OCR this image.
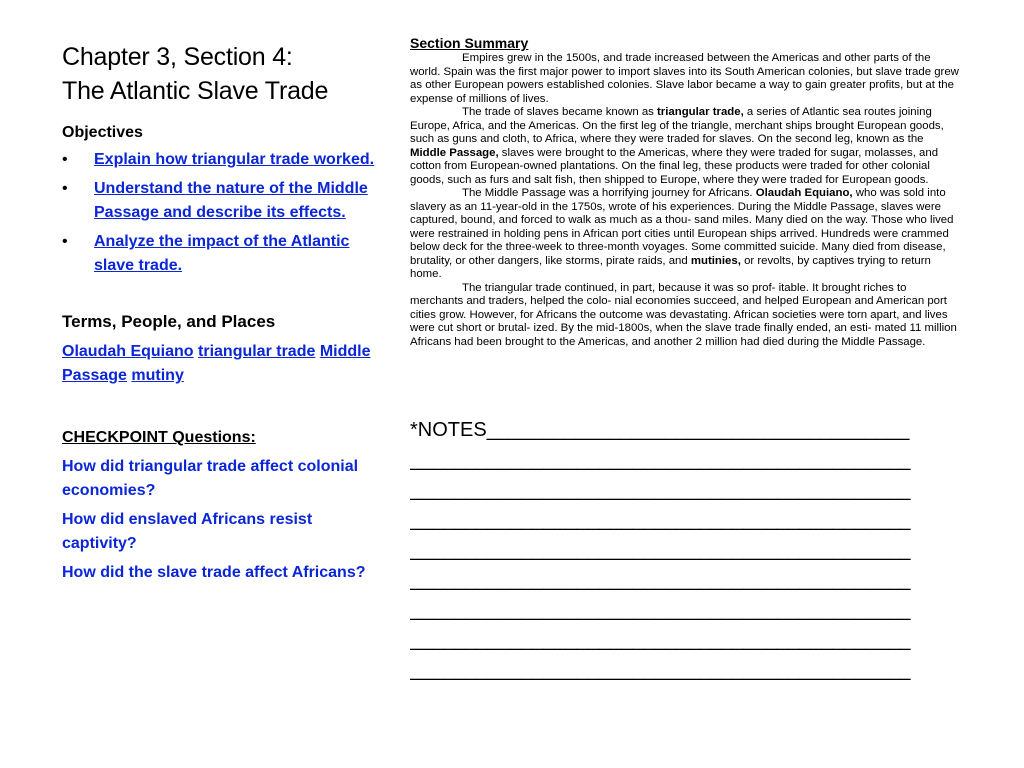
Chapter 3, Section 4:
The Atlantic Slave Trade
Objectives
• Explain how triangular trade worked.
• Understand the nature of the Middle Passage and describe its effects.
• Analyze the impact of the Atlantic slave trade.
Terms, People, and Places
Olaudah Equiano triangular trade Middle Passage mutiny
CHECKPOINT Questions:
How did triangular trade affect colonial economies?
How did enslaved Africans resist captivity?
How did the slave trade affect Africans?
Section Summary

Empires grew in the 1500s, and trade increased between the Americas and other parts of the world. Spain was the first major power to import slaves into its South American colonies, but slave trade grew as other European powers established colonies. Slave labor became a way to gain greater profits, but at the expense of millions of lives.

The trade of slaves became known as triangular trade, a series of Atlantic sea routes joining Europe, Africa, and the Americas. On the first leg of the triangle, merchant ships brought European goods, such as guns and cloth, to Africa, where they were traded for slaves. On the second leg, known as the Middle Passage, slaves were brought to the Americas, where they were traded for sugar, molasses, and cotton from European-owned plantations. On the final leg, these products were traded for other colonial goods, such as furs and salt fish, then shipped to Europe, where they were traded for European goods.

The Middle Passage was a horrifying journey for Africans. Olaudah Equiano, who was sold into slavery as an 11-year-old in the 1750s, wrote of his experiences. During the Middle Passage, slaves were captured, bound, and forced to walk as much as a thou- sand miles. Many died on the way. Those who lived were restrained in holding pens in African port cities until European ships arrived. Hundreds were crammed below deck for the three-week to three-month voyages. Some committed suicide. Many died from disease, brutality, or other dangers, like storms, pirate raids, and mutinies, or revolts, by captives trying to return home.

The triangular trade continued, in part, because it was so prof- itable. It brought riches to merchants and traders, helped the colo- nial economies succeed, and helped European and American port cities grow. However, for Africans the outcome was devastating. African societies were torn apart, and lives were cut short or brutal- ized. By the mid-1800s, when the slave trade finally ended, an esti- mated 11 million Africans had been brought to the Americas, and another 2 million had died during the Middle Passage.

*NOTES______________________________________
_____________________________________________
_____________________________________________
_____________________________________________
_____________________________________________
_____________________________________________
_____________________________________________
_____________________________________________
_____________________________________________
